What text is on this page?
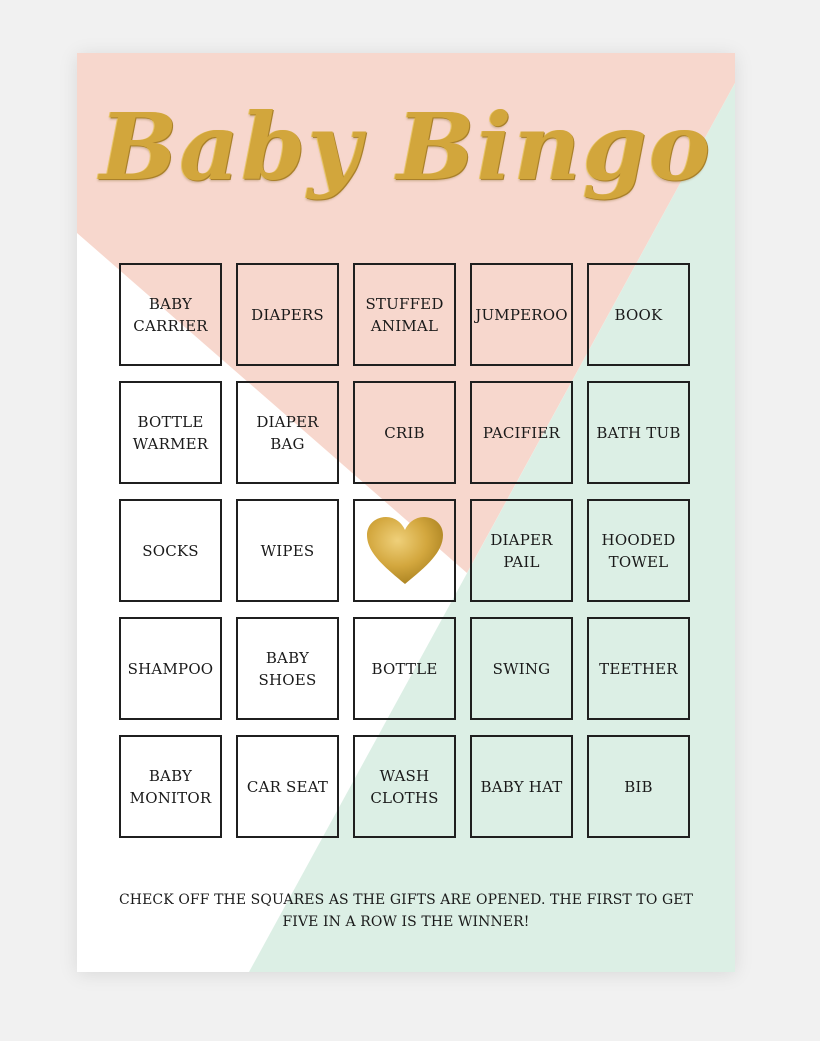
Baby Bingo
BABY CARRIER
DIAPERS
STUFFED ANIMAL
JUMPEROO	BOOK
BOTTLE WARMER
DIAPER BAG
CRIB	PACIFIER BATH TUB
SOCKS	WIPES
DIAPER PAIL
HOODED TOWEL
SHAMPOO
BABY SHOES
BOTTLE	SWING	TEETHER
BABY MONITOR
CAR SEAT
WASH CLOTHS
BABY HAT	BIB
CHECK OFF THE SQUARES AS THE GIFTS ARE OPENED. THE FIRST TO GET FIVE IN A ROW IS THE WINNER!
